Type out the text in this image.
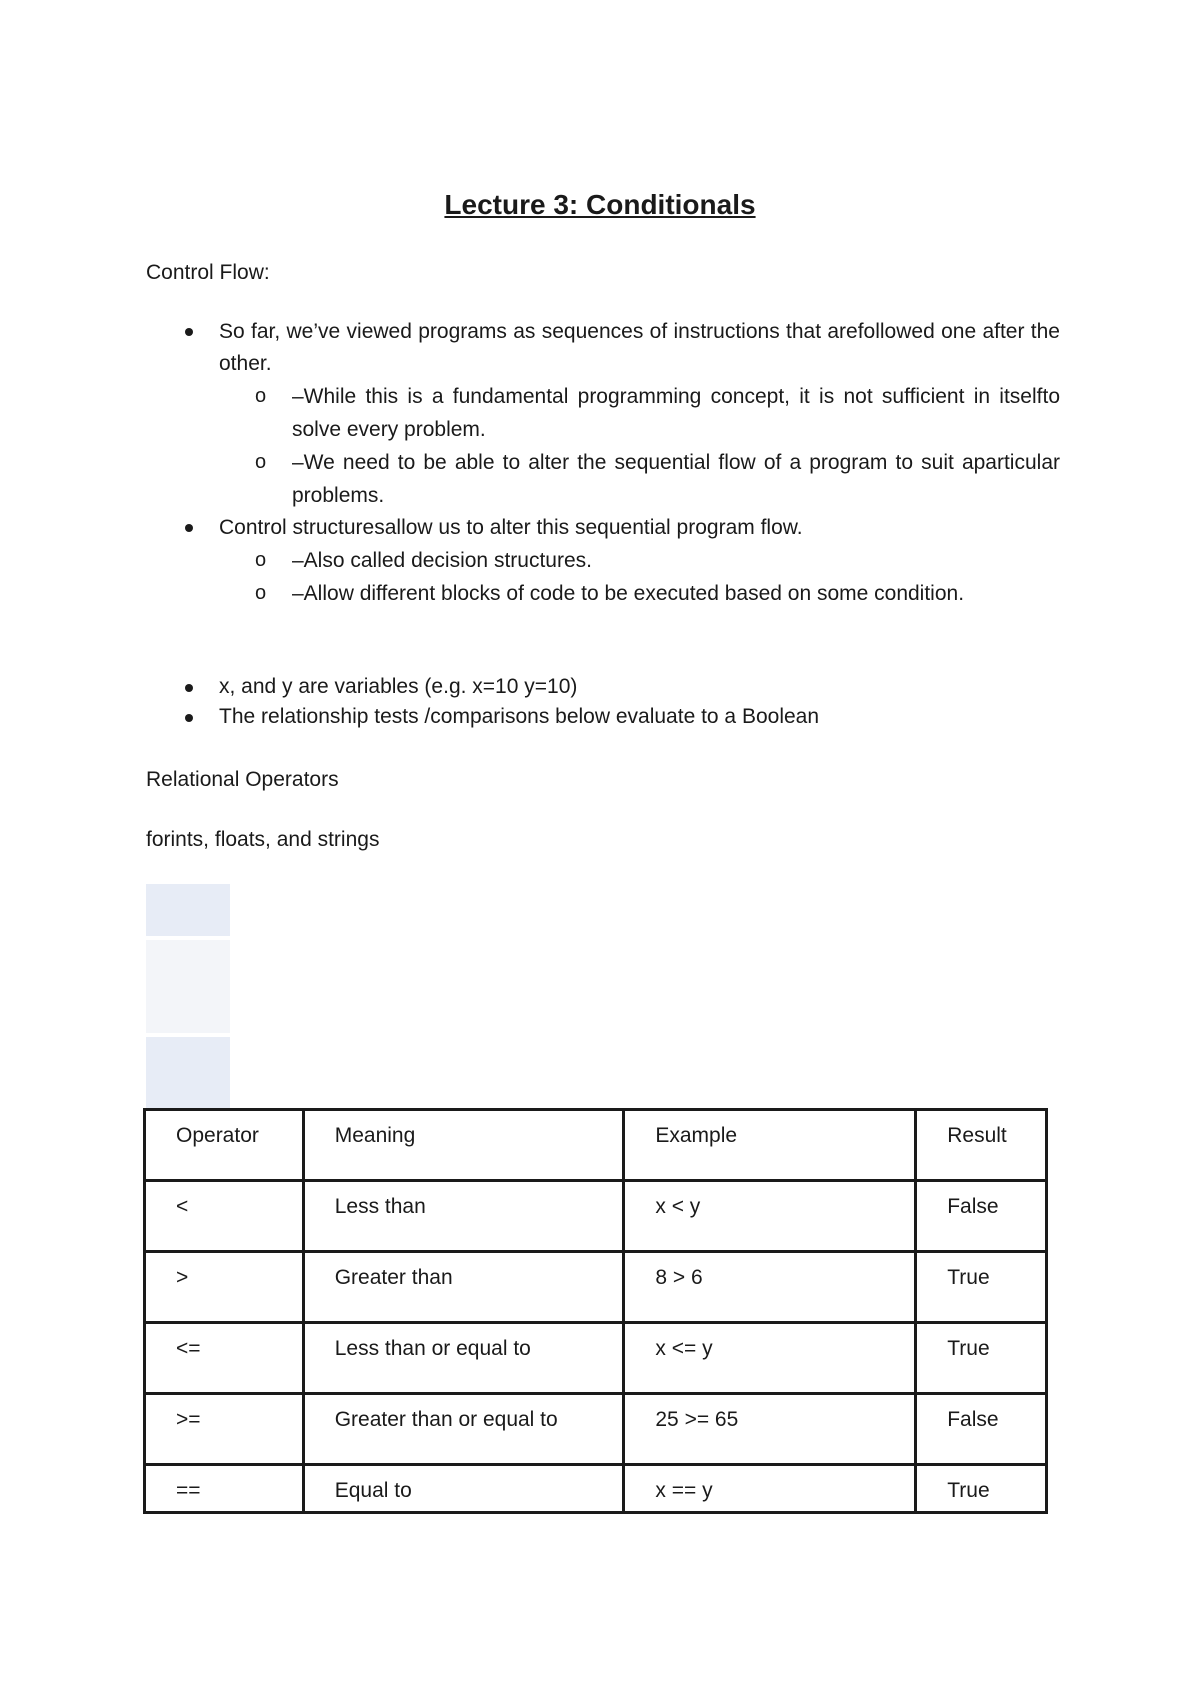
Lecture 3: Conditionals
Control Flow:
So far, we’ve viewed programs as sequences of instructions that arefollowed one after the other.
o –While this is a fundamental programming concept, it is not sufficient in itselfto solve every problem.
o –We need to be able to alter the sequential flow of a program to suit aparticular problems.
Control structuresallow us to alter this sequential program flow.
o –Also called decision structures.
o –Allow different blocks of code to be executed based on some condition.
x, and y are variables (e.g. x=10 y=10)
The relationship tests /comparisons below evaluate to a Boolean
Relational Operators
forints, floats, and strings
Operator	Meaning	Example	Result
<	Less than	x < y	False
>	Greater than	8 > 6	True
<=	Less than or equal to	x <= y	True
>=	Greater than or equal to	25 >= 65	False
==	Equal to	x == y	True
